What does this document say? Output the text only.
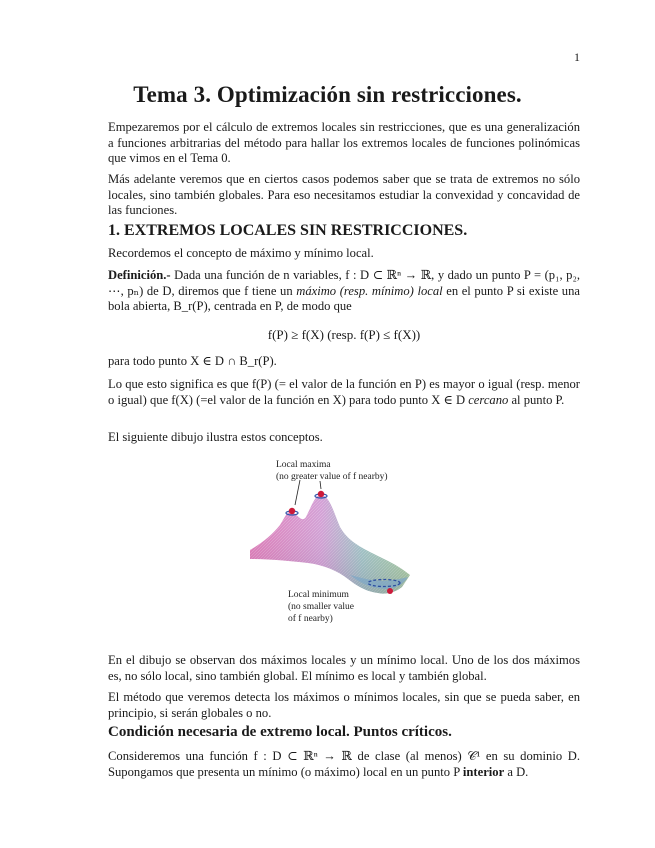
1
Tema 3. Optimización sin restricciones.

Empezaremos por el cálculo de extremos locales sin restricciones, que es una generalización a funciones arbitrarias del método para hallar los extremos locales de funciones polinómicas que vimos en el Tema 0.

Más adelante veremos que en ciertos casos podemos saber que se trata de extremos no sólo locales, sino también globales. Para eso necesitamos estudiar la convexidad y concavidad de las funciones.

1. EXTREMOS LOCALES SIN RESTRICCIONES.

Recordemos el concepto de máximo y mínimo local.

Definición.- Dada una función de n variables, f : D ⊂ ℝⁿ → ℝ, y dado un punto P = (p₁, p₂, ⋯, pₙ) de D, diremos que f tiene un máximo (resp. mínimo) local en el punto P si existe una bola abierta, B_r(P), centrada en P, de modo que

f(P) ≥ f(X) (resp. f(P) ≤ f(X))

para todo punto X ∈ D ∩ B_r(P).

Lo que esto significa es que f(P) (= el valor de la función en P) es mayor o igual (resp. menor o igual) que f(X) (=el valor de la función en X) para todo punto X ∈ D cercano al punto P.

El siguiente dibujo ilustra estos conceptos.

Local maxima
(no greater value of f nearby)
Local minimum
(no smaller value
of f nearby)

En el dibujo se observan dos máximos locales y un mínimo local. Uno de los dos máximos es, no sólo local, sino también global. El mínimo es local y también global.

El método que veremos detecta los máximos o mínimos locales, sin que se pueda saber, en principio, si serán globales o no.

Condición necesaria de extremo local. Puntos críticos.

Consideremos una función f : D ⊂ ℝⁿ → ℝ de clase (al menos) 𝒞¹ en su dominio D. Supongamos que presenta un mínimo (o máximo) local en un punto P interior a D.
